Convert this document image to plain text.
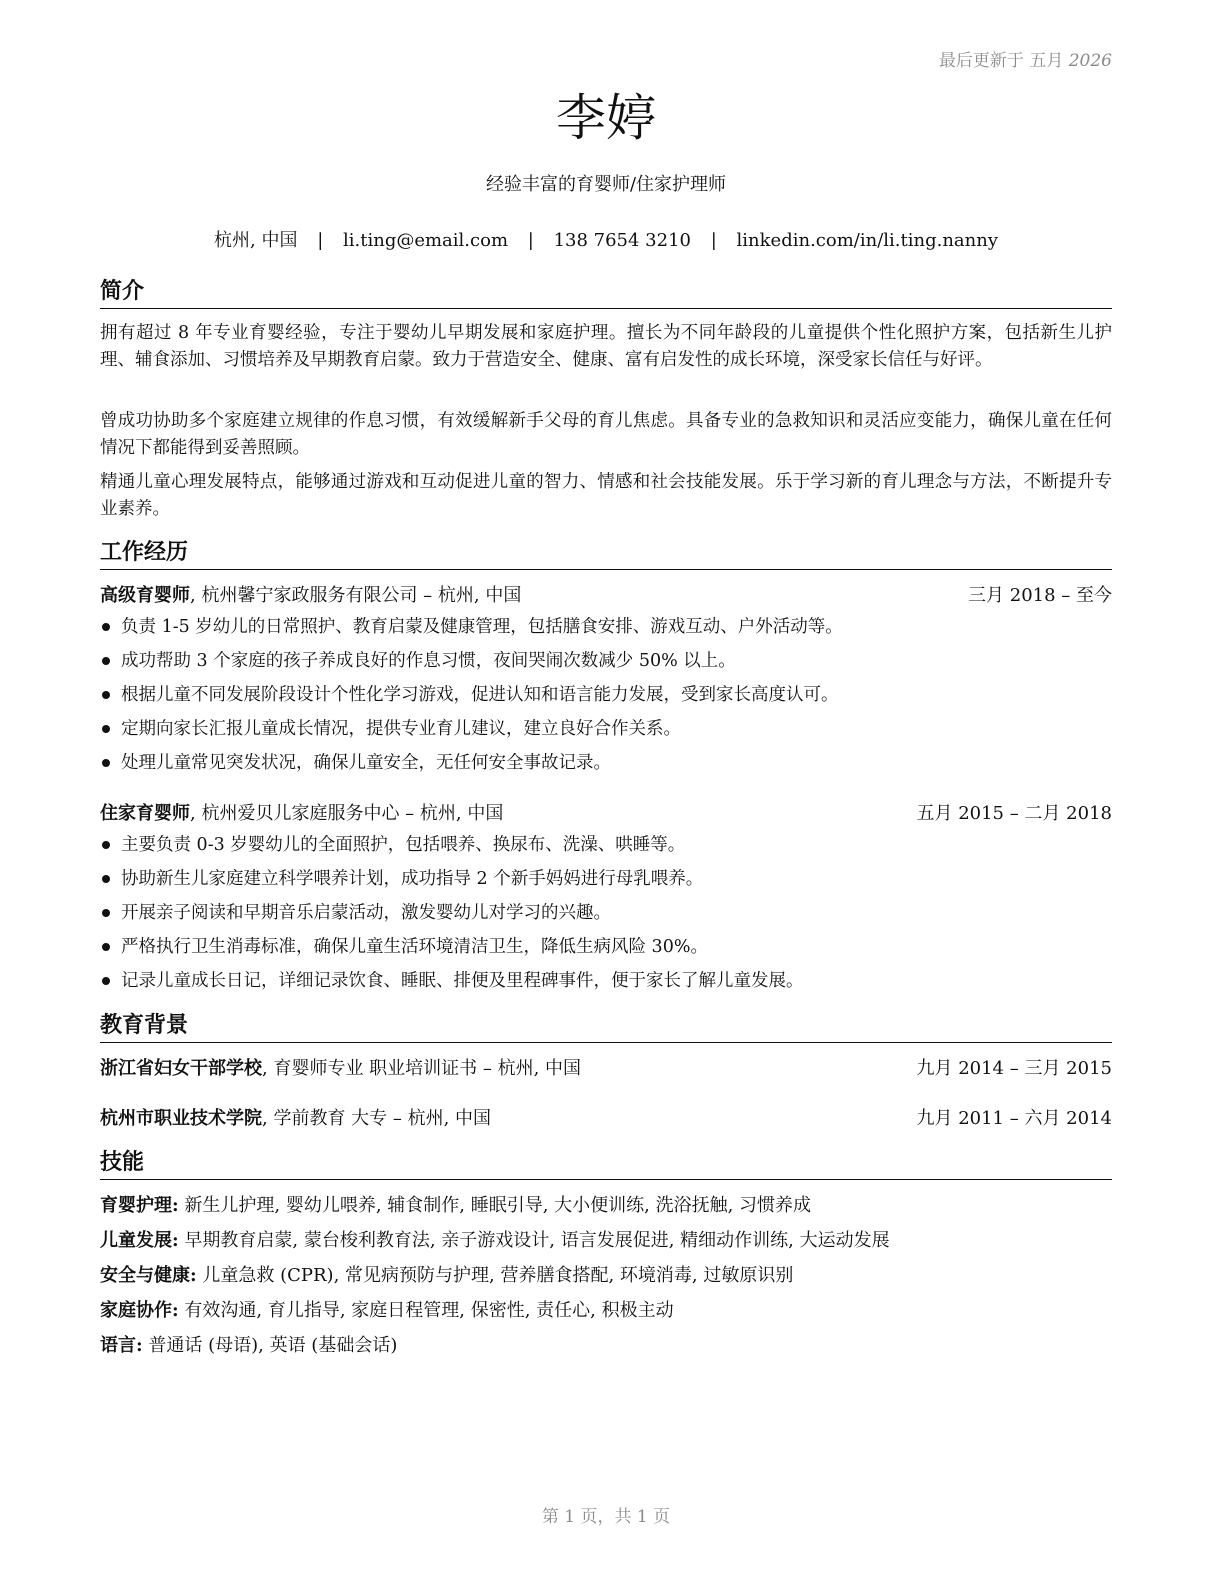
最后更新于 五月 2026
李婷
经验丰富的育婴师/住家护理师
杭州, 中国 | li.ting@email.com | 138 7654 3210 | linkedin.com/in/li.ting.nanny
简介
拥有超过 8 年专业育婴经验，专注于婴幼儿早期发展和家庭护理。擅长为不同年龄段的儿童提供个性化照护方案，包括新生儿护理、辅食添加、习惯培养及早期教育启蒙。致力于营造安全、健康、富有启发性的成长环境，深受家长信任与好评。
曾成功协助多个家庭建立规律的作息习惯，有效缓解新手父母的育儿焦虑。具备专业的急救知识和灵活应变能力，确保儿童在任何情况下都能得到妥善照顾。
精通儿童心理发展特点，能够通过游戏和互动促进儿童的智力、情感和社会技能发展。乐于学习新的育儿理念与方法，不断提升专业素养。
工作经历
高级育婴师, 杭州馨宁家政服务有限公司 – 杭州, 中国	三月 2018 – 至今
负责 1-5 岁幼儿的日常照护、教育启蒙及健康管理，包括膳食安排、游戏互动、户外活动等。
成功帮助 3 个家庭的孩子养成良好的作息习惯，夜间哭闹次数减少 50% 以上。
根据儿童不同发展阶段设计个性化学习游戏，促进认知和语言能力发展，受到家长高度认可。
定期向家长汇报儿童成长情况，提供专业育儿建议，建立良好合作关系。
处理儿童常见突发状况，确保儿童安全，无任何安全事故记录。
住家育婴师, 杭州爱贝儿家庭服务中心 – 杭州, 中国	五月 2015 – 二月 2018
主要负责 0-3 岁婴幼儿的全面照护，包括喂养、换尿布、洗澡、哄睡等。
协助新生儿家庭建立科学喂养计划，成功指导 2 个新手妈妈进行母乳喂养。
开展亲子阅读和早期音乐启蒙活动，激发婴幼儿对学习的兴趣。
严格执行卫生消毒标准，确保儿童生活环境清洁卫生，降低生病风险 30%。
记录儿童成长日记，详细记录饮食、睡眠、排便及里程碑事件，便于家长了解儿童发展。
教育背景
浙江省妇女干部学校, 育婴师专业 职业培训证书 – 杭州, 中国	九月 2014 – 三月 2015
杭州市职业技术学院, 学前教育 大专 – 杭州, 中国	九月 2011 – 六月 2014
技能
育婴护理: 新生儿护理, 婴幼儿喂养, 辅食制作, 睡眠引导, 大小便训练, 洗浴抚触, 习惯养成
儿童发展: 早期教育启蒙, 蒙台梭利教育法, 亲子游戏设计, 语言发展促进, 精细动作训练, 大运动发展
安全与健康: 儿童急救 (CPR), 常见病预防与护理, 营养膳食搭配, 环境消毒, 过敏原识别
家庭协作: 有效沟通, 育儿指导, 家庭日程管理, 保密性, 责任心, 积极主动
语言: 普通话 (母语), 英语 (基础会话)
第 1 页，共 1 页
